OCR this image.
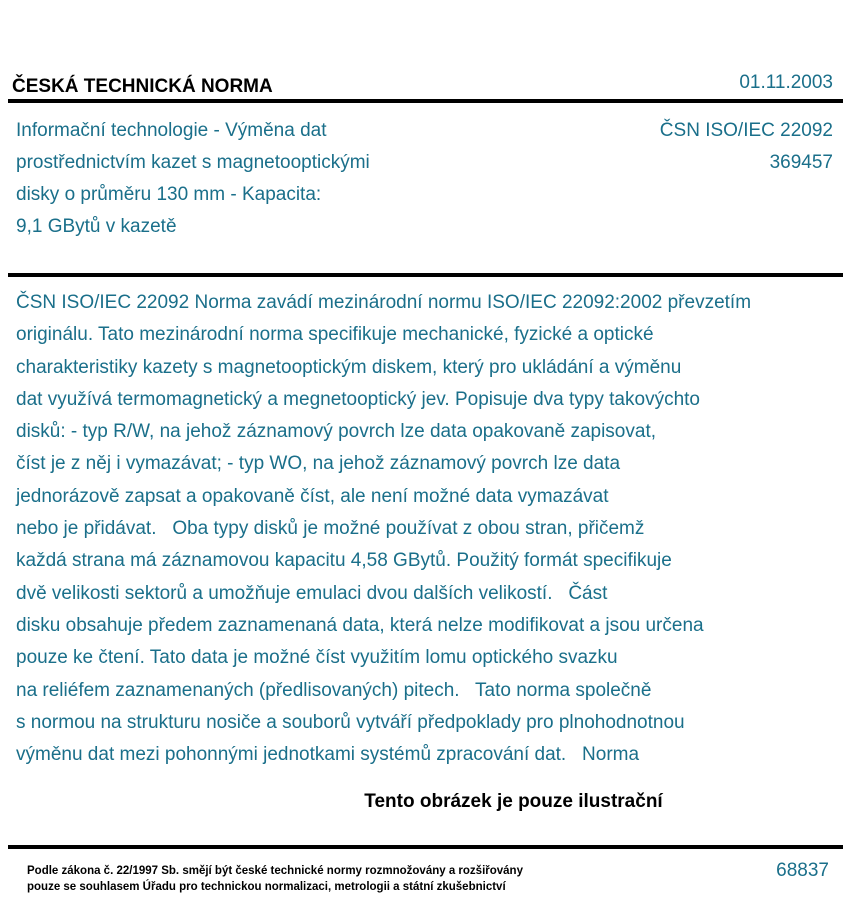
ČESKÁ TECHNICKÁ NORMA	01.11.2003
Informační technologie - Výměna dat
prostřednictvím kazet s magnetooptickými
disky o průměru 130 mm - Kapacita:
9,1 GBytů v kazetě
ČSN ISO/IEC 22092
369457
ČSN ISO/IEC 22092 Norma zavádí mezinárodní normu ISO/IEC 22092:2002 převzetím
originálu. Tato mezinárodní norma specifikuje mechanické, fyzické a optické
charakteristiky kazety s magnetooptickým diskem, který pro ukládání a výměnu
dat využívá termomagnetický a megnetooptický jev. Popisuje dva typy takovýchto
disků: - typ R/W, na jehož záznamový povrch lze data opakovaně zapisovat,
číst je z něj i vymazávat; - typ WO, na jehož záznamový povrch lze data
jednorázově zapsat a opakovaně číst, ale není možné data vymazávat
nebo je přidávat.   Oba typy disků je možné používat z obou stran, přičemž
každá strana má záznamovou kapacitu 4,58 GBytů. Použitý formát specifikuje
dvě velikosti sektorů a umožňuje emulaci dvou dalších velikostí.   Část
disku obsahuje předem zaznamenaná data, která nelze modifikovat a jsou určena
pouze ke čtení. Tato data je možné číst využitím lomu optického svazku
na reliéfem zaznamenaných (předlisovaných) pitech.   Tato norma společně
s normou na strukturu nosiče a souborů vytváří předpoklady pro plnohodnotnou
výměnu dat mezi pohonnými jednotkami systémů zpracování dat.   Norma
Tento obrázek je pouze ilustrační
Podle zákona č. 22/1997 Sb. smějí být české technické normy rozmnožovány a rozšiřovány
pouze se souhlasem Úřadu pro technickou normalizaci, metrologii a státní zkušebnictví
68837
